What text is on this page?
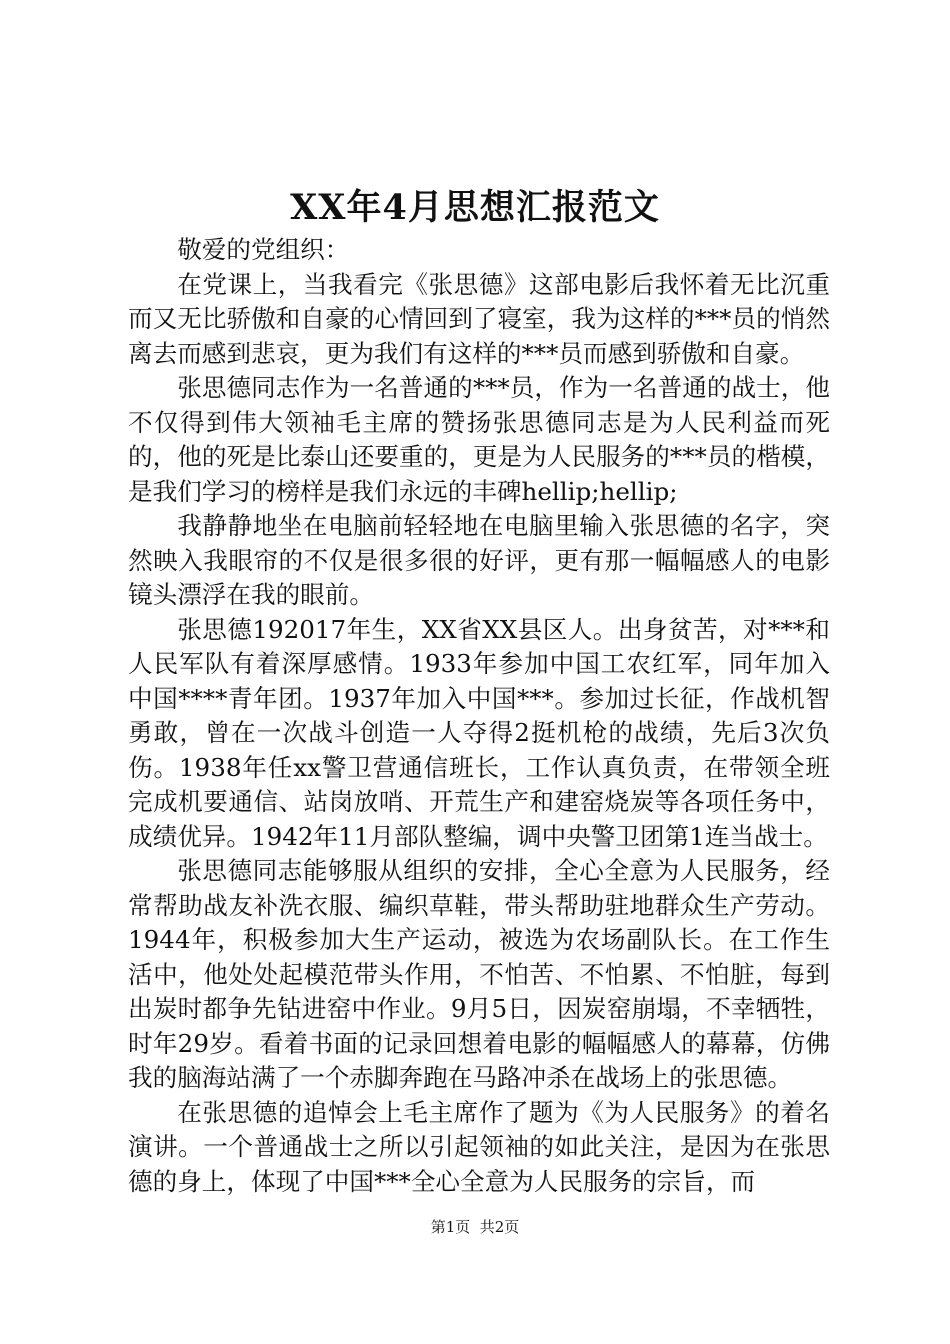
XX年4月思想汇报范文

敬爱的党组织：

在党课上，当我看完《张思德》这部电影后我怀着无比沉重而又无比骄傲和自豪的心情回到了寝室，我为这样的***员的悄然离去而感到悲哀，更为我们有这样的***员而感到骄傲和自豪。

张思德同志作为一名普通的***员，作为一名普通的战士，他不仅得到伟大领袖毛主席的赞扬张思德同志是为人民利益而死的，他的死是比泰山还要重的，更是为人民服务的***员的楷模，是我们学习的榜样是我们永远的丰碑hellip;hellip;

我静静地坐在电脑前轻轻地在电脑里输入张思德的名字，突然映入我眼帘的不仅是很多很的好评，更有那一幅幅感人的电影镜头漂浮在我的眼前。

张思德192017年生，XX省XX县区人。出身贫苦，对***和人民军队有着深厚感情。1933年参加中国工农红军，同年加入中国****青年团。1937年加入中国***。参加过长征，作战机智勇敢，曾在一次战斗创造一人夺得2挺机枪的战绩，先后3次负伤。1938年任xx警卫营通信班长，工作认真负责，在带领全班完成机要通信、站岗放哨、开荒生产和建窑烧炭等各项任务中，成绩优异。1942年11月部队整编，调中央警卫团第1连当战士。

张思德同志能够服从组织的安排，全心全意为人民服务，经常帮助战友补洗衣服、编织草鞋，带头帮助驻地群众生产劳动。1944年，积极参加大生产运动，被选为农场副队长。在工作生活中，他处处起模范带头作用，不怕苦、不怕累、不怕脏，每到出炭时都争先钻进窑中作业。9月5日，因炭窑崩塌，不幸牺牲，时年29岁。看着书面的记录回想着电影的幅幅感人的幕幕，仿佛我的脑海站满了一个赤脚奔跑在马路冲杀在战场上的张思德。

在张思德的追悼会上毛主席作了题为《为人民服务》的着名演讲。一个普通战士之所以引起领袖的如此关注，是因为在张思德的身上，体现了中国***全心全意为人民服务的宗旨，而

第1页  共2页
